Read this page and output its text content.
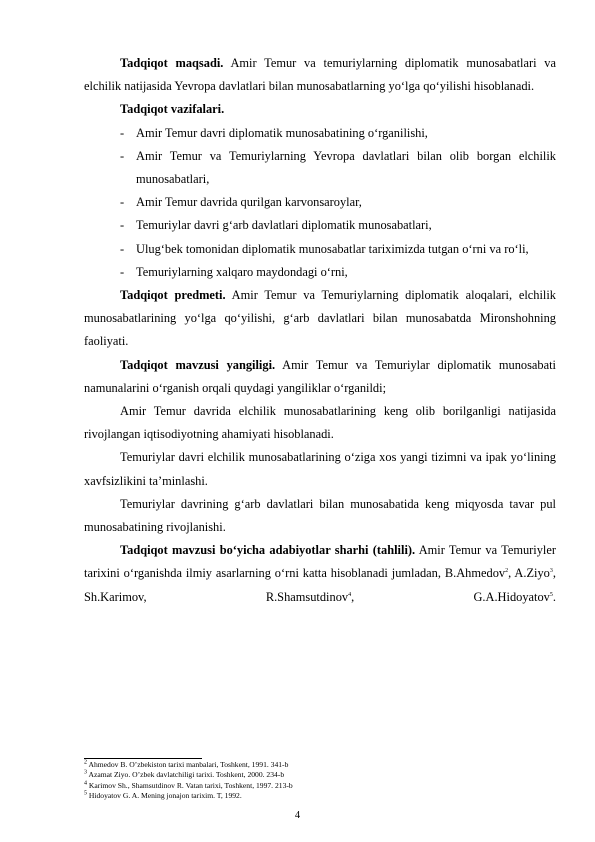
Tadqiqot maqsadi. Amir Temur va temuriylarning diplomatik munosabatlari va elchilik natijasida Yevropa davlatlari bilan munosabatlarning yo‘lga qo‘yilishi hisoblanadi.

Tadqiqot vazifalari.
- Amir Temur davri diplomatik munosabatining o‘rganilishi,
- Amir Temur va Temuriylarning Yevropa davlatlari bilan olib borgan elchilik munosabatlari,
- Amir Temur davrida qurilgan karvonsaroylar,
- Temuriylar davri g‘arb davlatlari diplomatik munosabatlari,
- Ulug‘bek tomonidan diplomatik munosabatlar tariximizda tutgan o‘rni va ro‘li,
- Temuriylarning xalqaro maydondagi o‘rni,

Tadqiqot predmeti. Amir Temur va Temuriylarning diplomatik aloqalari, elchilik munosabatlarining yo‘lga qo‘yilishi, g‘arb davlatlari bilan munosabatda Mironshohning faoliyati.

Tadqiqot mavzusi yangiligi. Amir Temur va Temuriylar diplomatik munosabati namunalarini o‘rganish orqali quydagi yangiliklar o‘rganildi;

Amir Temur davrida elchilik munosabatlarining keng olib borilganligi natijasida rivojlangan iqtisodiyotning ahamiyati hisoblanadi.

Temuriylar davri elchilik munosabatlarining o‘ziga xos yangi tizimni va ipak yo‘lining xavfsizlikini ta’minlashi.

Temuriylar davrining g‘arb davlatlari bilan munosabatida keng miqyosda tavar pul munosabatining rivojlanishi.

Tadqiqot mavzusi bo‘yicha adabiyotlar sharhi (tahlili). Amir Temur va Temuriyler tarixini o‘rganishda ilmiy asarlarning o‘rni katta hisoblanadi jumladan, B.Ahmedov$^2$, A.Ziyo$^3$, Sh.Karimov,	R.Shamsutdinov$^4$,	G.A.Hidoyatov$^5$.

$^2$ Ahmedov B. O’zbekiston tarixi manbalari, Toshkent, 1991. 341-b
$^3$ Azamat Ziyo. O’zbek davlatchiligi tarixi. Toshkent, 2000. 234-b
$^4$ Karimov Sh., Shamsutdinov R. Vatan tarixi, Toshkent, 1997. 213-b
$^5$ Hidoyatov G. A. Mening jonajon tarixim. T, 1992.
4
